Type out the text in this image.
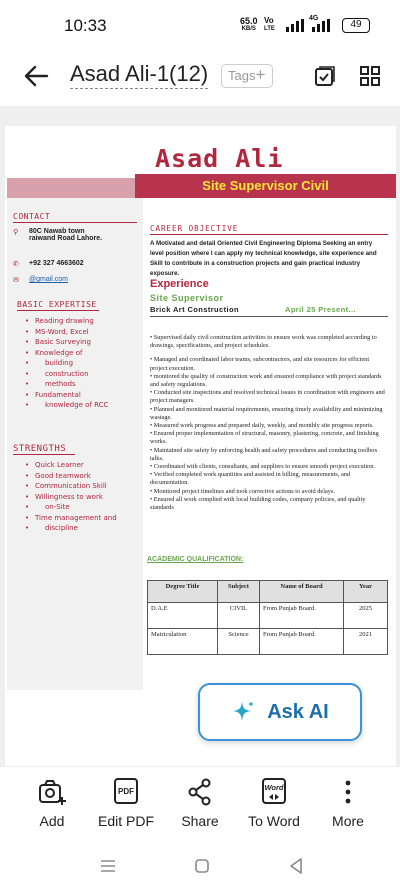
10:33	65.0
KB/S
Vo
LTE
4G
49
Asad Ali-1(12)	Tags+
Asad Ali
Site Supervisor Civil
CONTACT
⚲	80C Nawab town
raiwand Road Lahore.
✆	+92 327 4663602
✉	@gmail.com
BASIC EXPERTISE
• Reading drawing
• MS-Word, Excel
• Basic Surveying
• Knowledge of
• building
• construction
• methods
• Fundamental
• knowledge of RCC
STRENGTHS
• Quick Learner
• Good teamwork
• Communication Skill
• Willingness to work
• on-Site
• Time management and
• discipline
CAREER OBJECTIVE
A Motivated and detail Oriented Civil Engineering Diploma Seeking an entry level position where I can apply my technical knowledge, site experience and Skill to contribute in a construction projects and gain practical industry exposure.
Experience
Site Supervisor
Brick Art Construction	April 25 Present...

• Supervised daily civil construction activities to ensure work was completed according to drawings, specifications, and project schedules.

• Managed and coordinated labor teams, subcontractors, and site resources for efficient project execution.

• monitored the quality of construction work and ensured compliance with project standards and safety regulations.

• Conducted site inspections and resolved technical issues in coordination with engineers and project managers.

• Planned and monitored material requirements, ensuring timely availability and minimizing wastage.

• Measured work progress and prepared daily, weekly, and monthly site progress reports.

• Ensured proper implementation of structural, masonry, plastering, concrete, and finishing works.

• Maintained site safety by enforcing health and safety procedures and conducting toolbox talks.

• Coordinated with clients, consultants, and suppliers to ensure smooth project execution.

• Verified completed work quantities and assisted in billing, measurements, and documentation.

• Monitored project timelines and took corrective actions to avoid delays.

• Ensured all work complied with local building codes, company policies, and quality standards

ACADEMIC QUALIFICATION:
Degree Title	Subject	Name of Board	Year
D.A.E	CIVIL	From Punjab Board.	2025
Matriculation	Science	From Punjab Board.	2021
Ask AI
Add
PDF
Edit PDF	Share
Word
To Word	More
